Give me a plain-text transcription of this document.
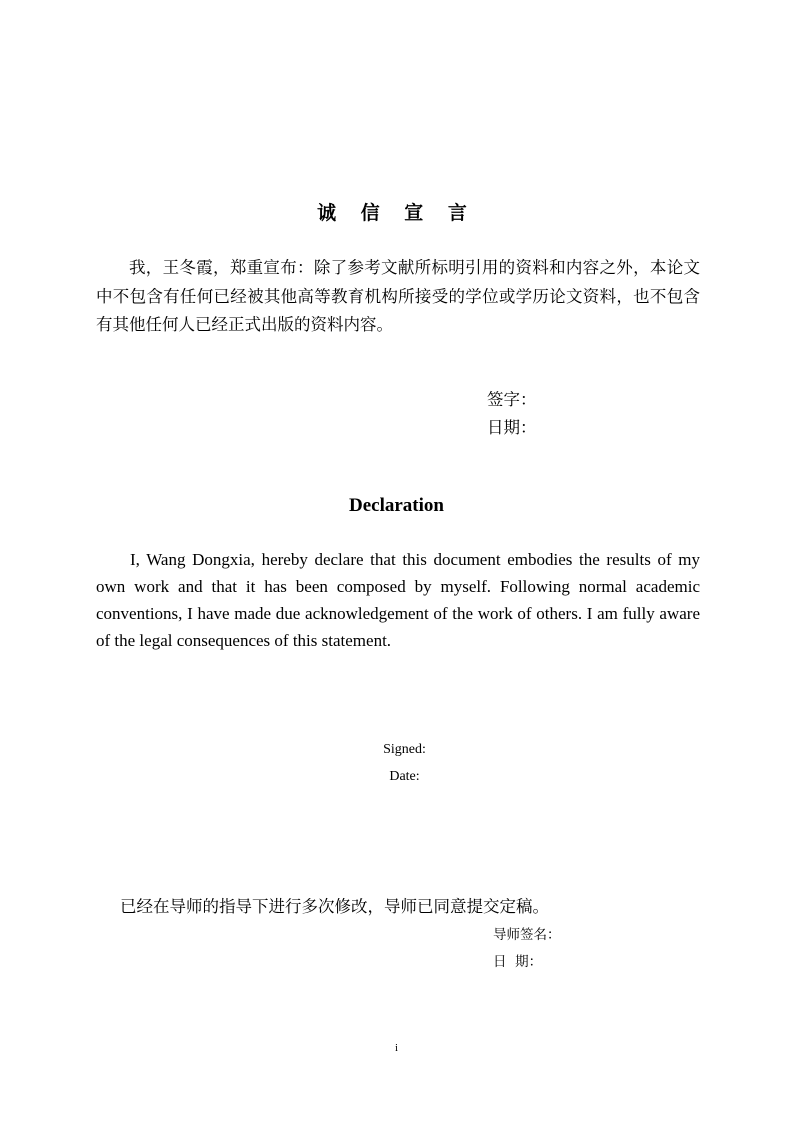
诚 信 宣 言
我，王冬霞，郑重宣布：除了参考文献所标明引用的资料和内容之外，本论文中不包含有任何已经被其他高等教育机构所接受的学位或学历论文资料，也不包含有其他任何人已经正式出版的资料内容。
签字：
日期：
Declaration
I, Wang Dongxia, hereby declare that this document embodies the results of my own work and that it has been composed by myself. Following normal academic conventions, I have made due acknowledgement of the work of others. I am fully aware of the legal consequences of this statement.
Signed:
Date:
已经在导师的指导下进行多次修改，导师已同意提交定稿。
导师签名：
日  期：
i
